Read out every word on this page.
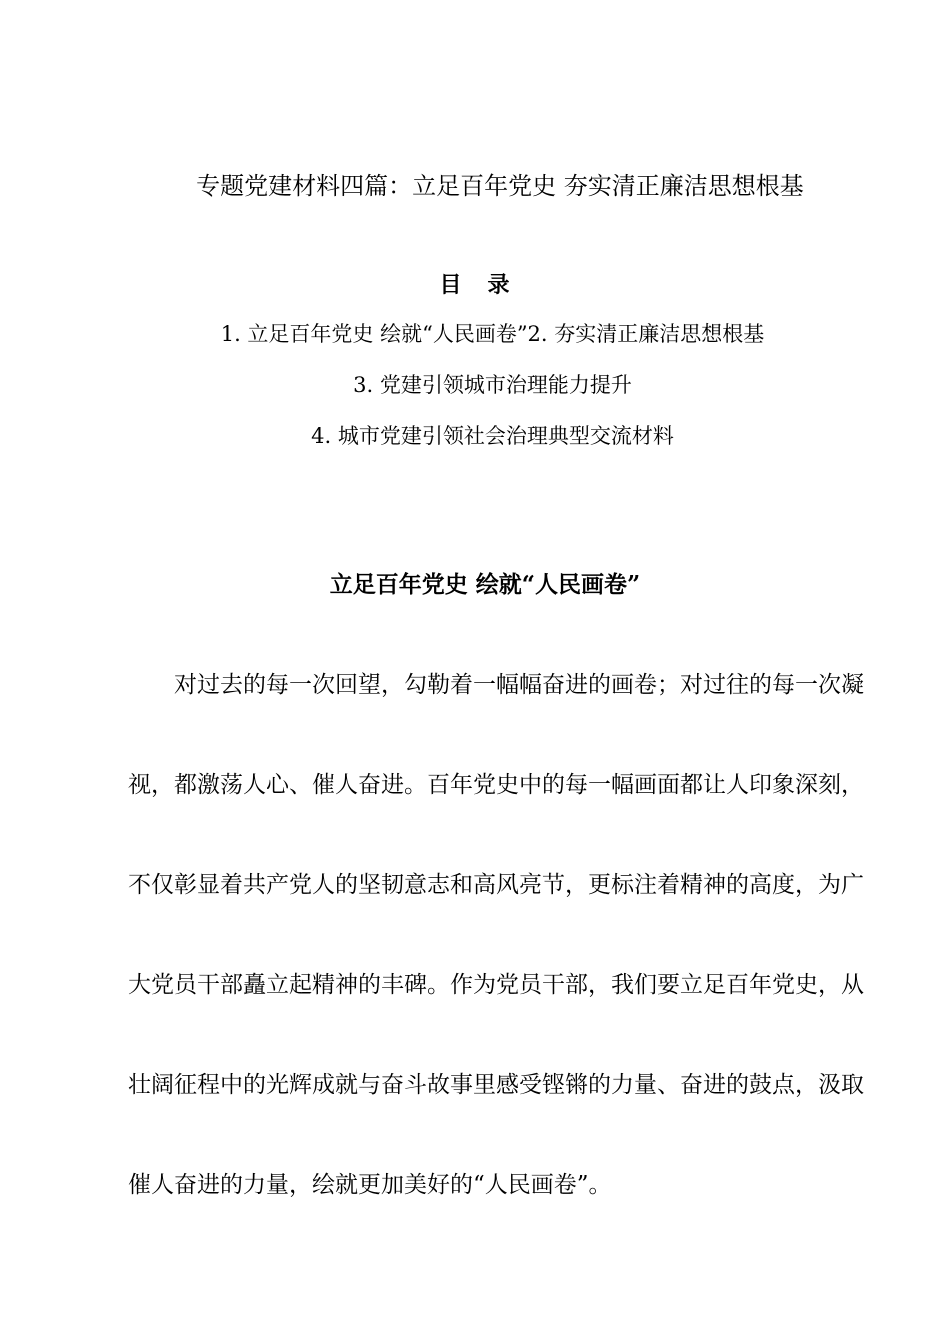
专题党建材料四篇：立足百年党史 夯实清正廉洁思想根基
目录
1. 立足百年党史 绘就“人民画卷”2. 夯实清正廉洁思想根基
3. 党建引领城市治理能力提升
4. 城市党建引领社会治理典型交流材料
立足百年党史 绘就“人民画卷”
对过去的每一次回望，勾勒着一幅幅奋进的画卷；对过往的每一次凝
视，都激荡人心、催人奋进。百年党史中的每一幅画面都让人印象深刻，
不仅彰显着共产党人的坚韧意志和高风亮节，更标注着精神的高度，为广
大党员干部矗立起精神的丰碑。作为党员干部，我们要立足百年党史，从
壮阔征程中的光辉成就与奋斗故事里感受铿锵的力量、奋进的鼓点，汲取
催人奋进的力量，绘就更加美好的“人民画卷”。
